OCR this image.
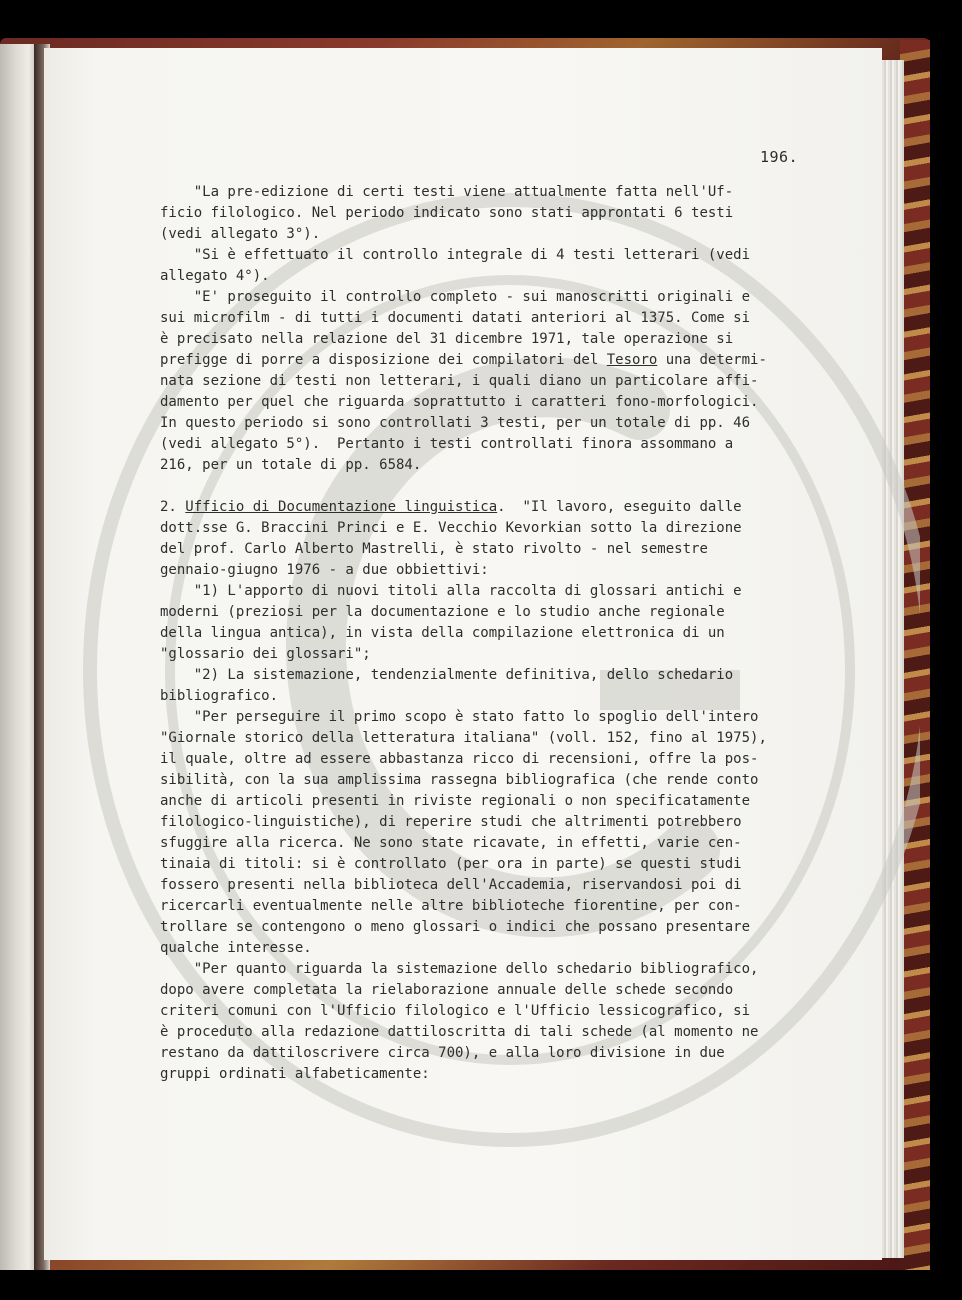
196.

"La pre-edizione di certi testi viene attualmente fatta nell'Uf-

ficio filologico. Nel periodo indicato sono stati approntati 6 testi

(vedi allegato 3°).

"Si è effettuato il controllo integrale di 4 testi letterari (vedi

allegato 4°).

"E' proseguito il controllo completo - sui manoscritti originali e

sui microfilm - di tutti i documenti datati anteriori al 1375. Come si

è precisato nella relazione del 31 dicembre 1971, tale operazione si

prefigge di porre a disposizione dei compilatori del Tesoro una determi-

nata sezione di testi non letterari, i quali diano un particolare affi-

damento per quel che riguarda soprattutto i caratteri fono-morfologici.

In questo periodo si sono controllati 3 testi, per un totale di pp. 46

(vedi allegato 5°).  Pertanto i testi controllati finora assommano a

216, per un totale di pp. 6584.

2. Ufficio di Documentazione linguistica.  "Il lavoro, eseguito dalle

dott.sse G. Braccini Princi e E. Vecchio Kevorkian sotto la direzione

del prof. Carlo Alberto Mastrelli, è stato rivolto - nel semestre

gennaio-giugno 1976 - a due obbiettivi:

"1) L'apporto di nuovi titoli alla raccolta di glossari antichi e

moderni (preziosi per la documentazione e lo studio anche regionale

della lingua antica), in vista della compilazione elettronica di un

"glossario dei glossari";

"2) La sistemazione, tendenzialmente definitiva, dello schedario

bibliografico.

"Per perseguire il primo scopo è stato fatto lo spoglio dell'intero

"Giornale storico della letteratura italiana" (voll. 152, fino al 1975),

il quale, oltre ad essere abbastanza ricco di recensioni, offre la pos-

sibilità, con la sua amplissima rassegna bibliografica (che rende conto

anche di articoli presenti in riviste regionali o non specificatamente

filologico-linguistiche), di reperire studi che altrimenti potrebbero

sfuggire alla ricerca. Ne sono state ricavate, in effetti, varie cen-

tinaia di titoli: si è controllato (per ora in parte) se questi studi

fossero presenti nella biblioteca dell'Accademia, riservandosi poi di

ricercarli eventualmente nelle altre biblioteche fiorentine, per con-

trollare se contengono o meno glossari o indici che possano presentare

qualche interesse.

"Per quanto riguarda la sistemazione dello schedario bibliografico,

dopo avere completata la rielaborazione annuale delle schede secondo

criteri comuni con l'Ufficio filologico e l'Ufficio lessicografico, si

è proceduto alla redazione dattiloscritta di tali schede (al momento ne

restano da dattiloscrivere circa 700), e alla loro divisione in due

gruppi ordinati alfabeticamente:
